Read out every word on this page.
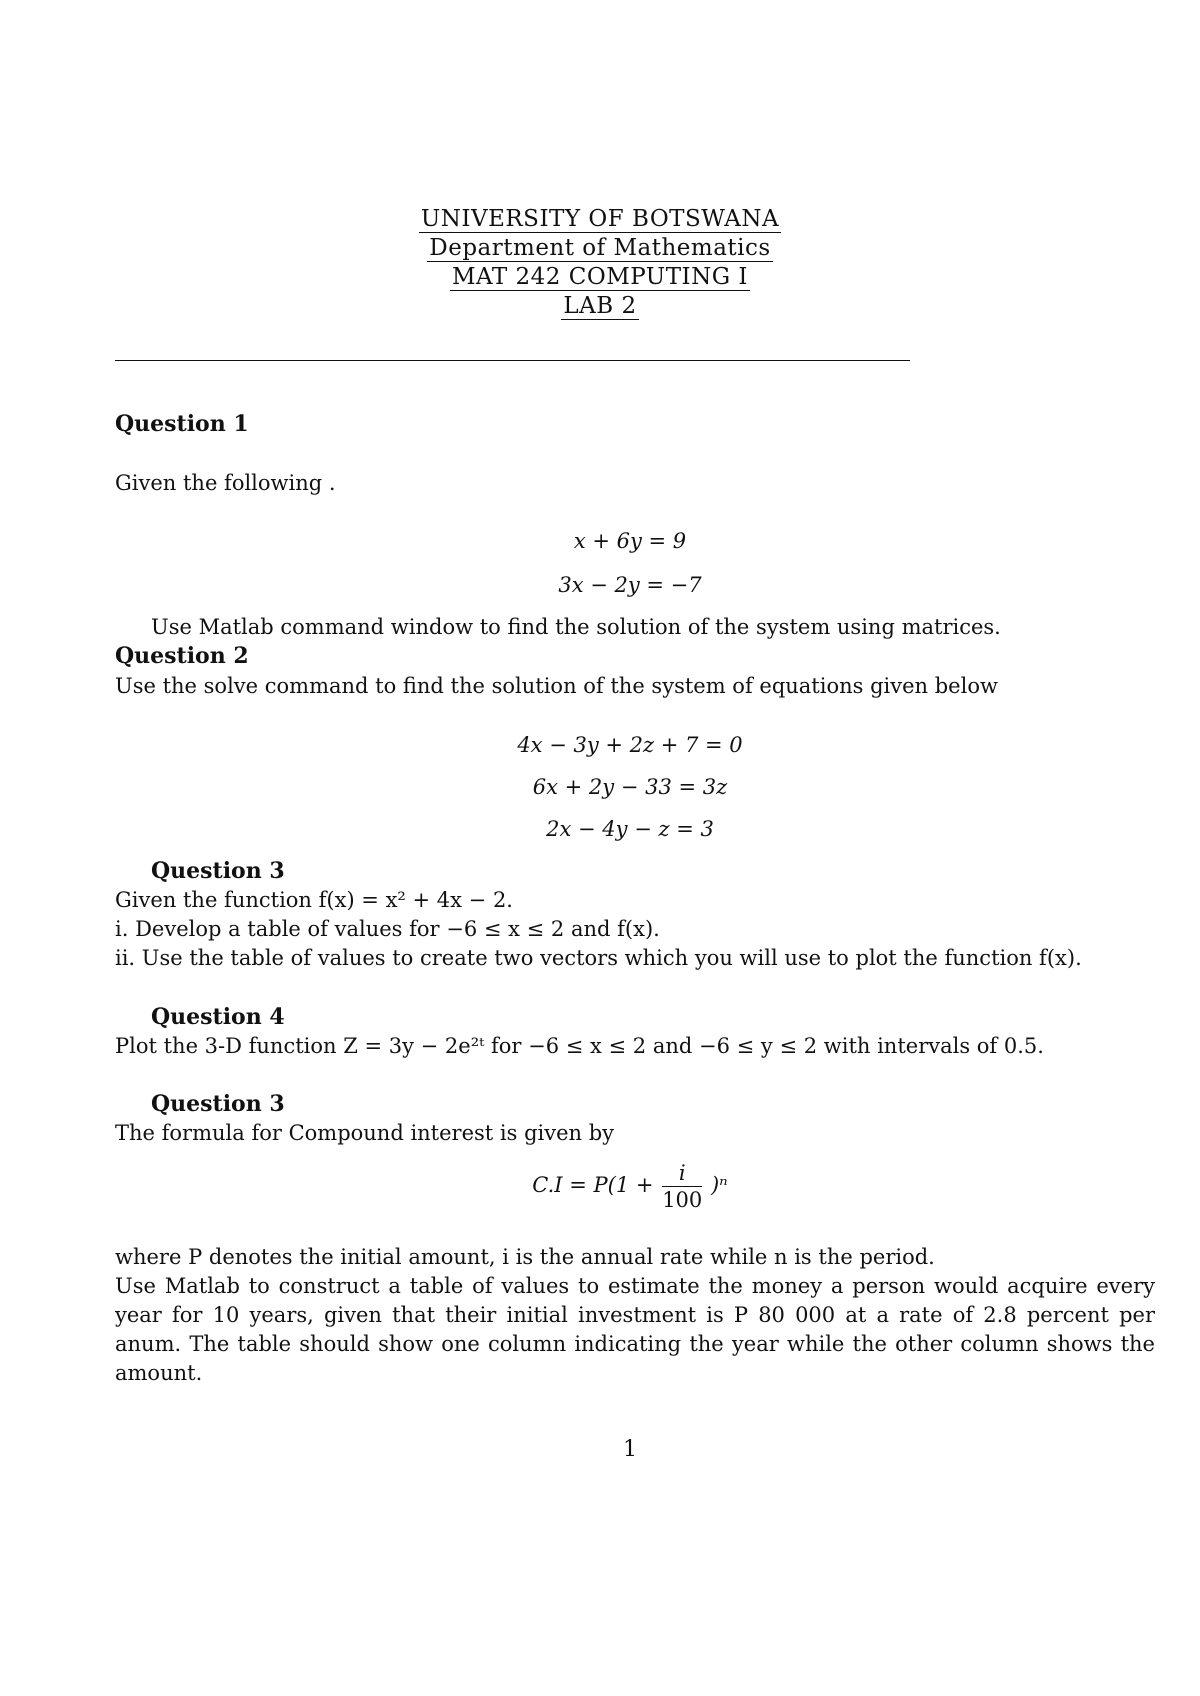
UNIVERSITY OF BOTSWANA
Department of Mathematics
MAT 242 COMPUTING I
LAB 2
Question 1
Given the following .
x + 6y = 9
3x − 2y = −7
Use Matlab command window to find the solution of the system using matrices.
Question 2
Use the solve command to find the solution of the system of equations given below
4x − 3y + 2z + 7 = 0
6x + 2y − 33 = 3z
2x − 4y − z = 3
Question 3
Given the function f(x) = x² + 4x − 2.
i. Develop a table of values for −6 ≤ x ≤ 2 and f(x).
ii. Use the table of values to create two vectors which you will use to plot the function f(x).
Question 4
Plot the 3-D function Z = 3y − 2e²ᵗ for −6 ≤ x ≤ 2 and −6 ≤ y ≤ 2 with intervals of 0.5.
Question 3
The formula for Compound interest is given by
$C.I = P(1 + \frac{i}{100} )^n$
where P denotes the initial amount, i is the annual rate while n is the period.
Use Matlab to construct a table of values to estimate the money a person would acquire every year for 10 years, given that their initial investment is P 80 000 at a rate of 2.8 percent per anum. The table should show one column indicating the year while the other column shows the amount.
1
